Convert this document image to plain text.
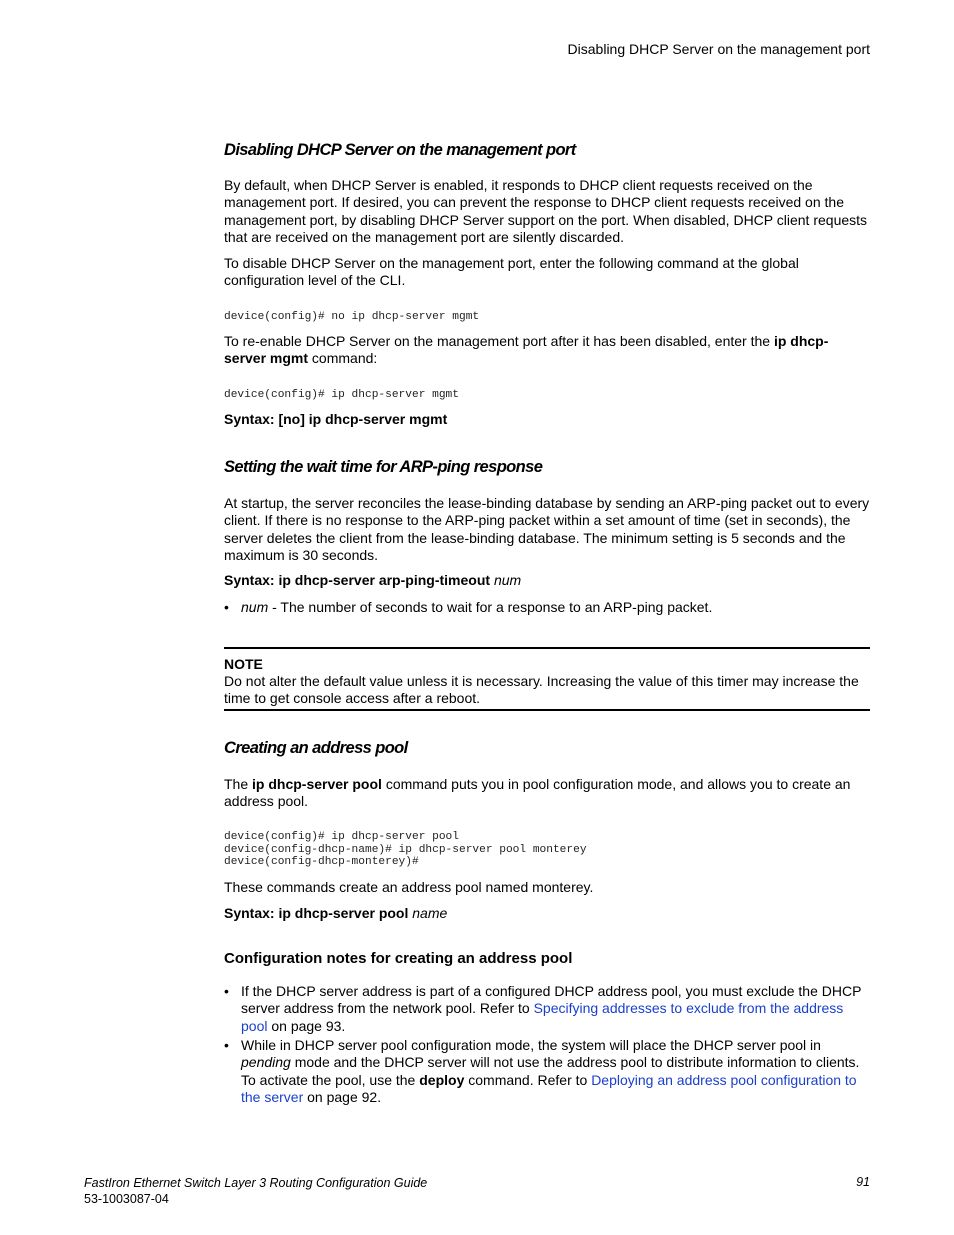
Disabling DHCP Server on the management port
Disabling DHCP Server on the management port

By default, when DHCP Server is enabled, it responds to DHCP client requests received on the management port. If desired, you can prevent the response to DHCP client requests received on the management port, by disabling DHCP Server support on the port. When disabled, DHCP client requests that are received on the management port are silently discarded.

To disable DHCP Server on the management port, enter the following command at the global configuration level of the CLI.

device(config)# no ip dhcp-server mgmt

To re-enable DHCP Server on the management port after it has been disabled, enter the ip dhcp-server mgmt command:

device(config)# ip dhcp-server mgmt
Syntax: [no] ip dhcp-server mgmt
Setting the wait time for ARP-ping response

At startup, the server reconciles the lease-binding database by sending an ARP-ping packet out to every client. If there is no response to the ARP-ping packet within a set amount of time (set in seconds), the server deletes the client from the lease-binding database. The minimum setting is 5 seconds and the maximum is 30 seconds.

Syntax: ip dhcp-server arp-ping-timeout num
• num - The number of seconds to wait for a response to an ARP-ping packet.
NOTE
Do not alter the default value unless it is necessary. Increasing the value of this timer may increase the time to get console access after a reboot.
Creating an address pool

The ip dhcp-server pool command puts you in pool configuration mode, and allows you to create an address pool.

device(config)# ip dhcp-server pool
device(config-dhcp-name)# ip dhcp-server pool monterey
device(config-dhcp-monterey)#

These commands create an address pool named monterey.

Syntax: ip dhcp-server pool name
Configuration notes for creating an address pool
• If the DHCP server address is part of a configured DHCP address pool, you must exclude the DHCP server address from the network pool. Refer to Specifying addresses to exclude from the address pool on page 93.
• While in DHCP server pool configuration mode, the system will place the DHCP server pool in pending mode and the DHCP server will not use the address pool to distribute information to clients. To activate the pool, use the deploy command. Refer to Deploying an address pool configuration to the server on page 92.
FastIron Ethernet Switch Layer 3 Routing Configuration Guide
53-1003087-04
91
